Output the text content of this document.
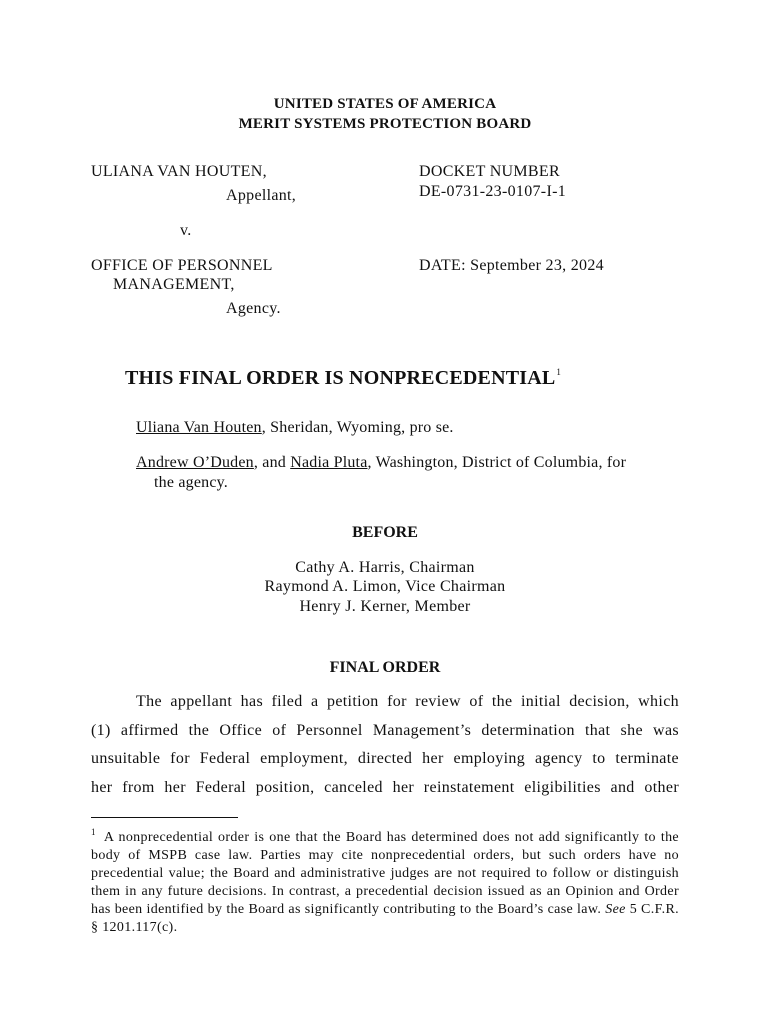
UNITED STATES OF AMERICA
MERIT SYSTEMS PROTECTION BOARD
ULIANA VAN HOUTEN,
Appellant,
v.
OFFICE OF PERSONNEL
MANAGEMENT,
Agency.
DOCKET NUMBER
DE-0731-23-0107-I-1
DATE: September 23, 2024
THIS FINAL ORDER IS NONPRECEDENTIAL$^1$
Uliana Van Houten, Sheridan, Wyoming, pro se.
Andrew O’Duden, and Nadia Pluta, Washington, District of Columbia, for
the agency.
BEFORE
Cathy A. Harris, Chairman
Raymond A. Limon, Vice Chairman
Henry J. Kerner, Member
FINAL ORDER
The appellant has filed a petition for review of the initial decision, which
(1) affirmed the Office of Personnel Management’s determination that she was
unsuitable for Federal employment, directed her employing agency to terminate
her from her Federal position, canceled her reinstatement eligibilities and other
$^1$ A nonprecedential order is one that the Board has determined does not add significantly to the body of MSPB case law. Parties may cite nonprecedential orders, but such orders have no precedential value; the Board and administrative judges are not required to follow or distinguish them in any future decisions. In contrast, a precedential decision issued as an Opinion and Order has been identified by the Board as significantly contributing to the Board’s case law. See 5 C.F.R. § 1201.117(c).
